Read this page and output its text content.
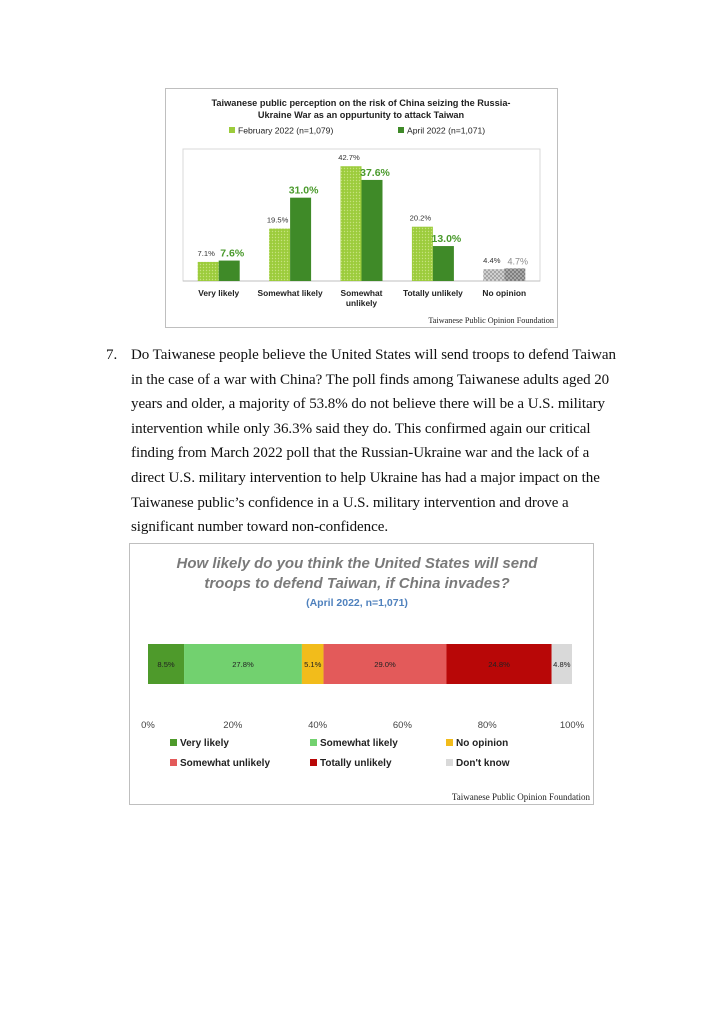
Taiwanese public perception on the risk of China seizing the Russia-
Ukraine War as an oppurtunity to attack Taiwan
February 2022 (n=1,079)	April 2022 (n=1,071)
7.1% 7.6%
19.5%
31.0%
42.7%
37.6%
20.2%
13.0%
4.4% 4.7%
Very likely Somewhat likely Somewhat
unlikely
Totally unlikely No opinion
Taiwanese Public Opinion Foundation
7. Do Taiwanese people believe the United States will send troops to defend Taiwan in the case of a war with China? The poll finds among Taiwanese adults aged 20 years and older, a majority of 53.8% do not believe there will be a U.S. military intervention while only 36.3% said they do. This confirmed again our critical finding from March 2022 poll that the Russian-Ukraine war and the lack of a direct U.S. military intervention to help Ukraine has had a major impact on the Taiwanese public’s confidence in a U.S. military intervention and drove a significant number toward non-confidence.
How likely do you think the United States will send
troops to defend Taiwan, if China invades?
(April 2022, n=1,071)
8.5%	27.8%	5.1%	29.0%	24.8%	4.8%
0%	20%	40%	60%	80%	100%
Very likely	Somewhat likely	No opinion
Somewhat unlikely	Totally unlikely	Don't know
Taiwanese Public Opinion Foundation
